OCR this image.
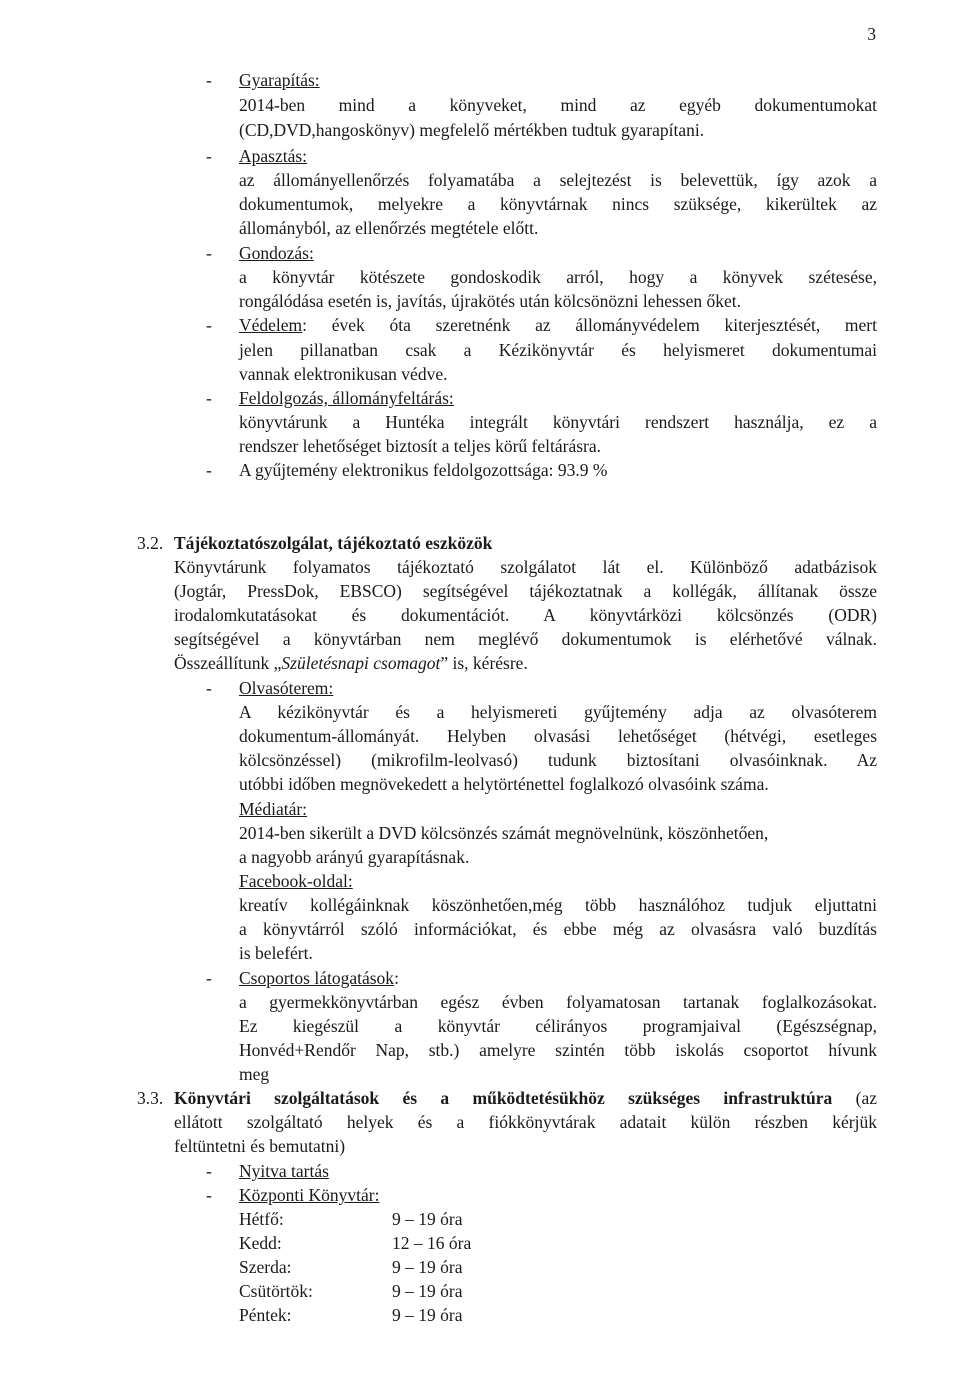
3
- Gyarapítás:
2014-ben mind a könyveket, mind az egyéb dokumentumokat
(CD,DVD,hangoskönyv) megfelelő mértékben tudtuk gyarapítani.
- Apasztás:
az állományellenőrzés folyamatába a selejtezést is belevettük, így azok a
dokumentumok, melyekre a könyvtárnak nincs szüksége, kikerültek az
állományból, az ellenőrzés megtétele előtt.
- Gondozás:
a könyvtár kötészete gondoskodik arról, hogy a könyvek szétesése,
rongálódása esetén is, javítás, újrakötés után kölcsönözni lehessen őket.
- Védelem: évek óta szeretnénk az állományvédelem kiterjesztését, mert
jelen pillanatban csak a Kézikönyvtár és helyismeret dokumentumai
vannak elektronikusan védve.
- Feldolgozás, állományfeltárás:
könyvtárunk a Huntéka integrált könyvtári rendszert használja, ez a
rendszer lehetőséget biztosít a teljes körű feltárásra.
- A gyűjtemény elektronikus feldolgozottsága: 93.9 %
3.2. Tájékoztatószolgálat, tájékoztató eszközök
Könyvtárunk folyamatos tájékoztató szolgálatot lát el. Különböző adatbázisok
(Jogtár, PressDok, EBSCO) segítségével tájékoztatnak a kollégák, állítanak össze
irodalomkutatásokat és dokumentációt. A könyvtárközi kölcsönzés (ODR)
segítségével a könyvtárban nem meglévő dokumentumok is elérhetővé válnak.
Összeállítunk „Születésnapi csomagot” is, kérésre.
- Olvasóterem:
A kézikönyvtár és a helyismereti gyűjtemény adja az olvasóterem
dokumentum-állományát. Helyben olvasási lehetőséget (hétvégi, esetleges
kölcsönzéssel) (mikrofilm-leolvasó) tudunk biztosítani olvasóinknak. Az
utóbbi időben megnövekedett a helytörténettel foglalkozó olvasóink száma.
Médiatár:
2014-ben sikerült a DVD kölcsönzés számát megnövelnünk, köszönhetően,
a nagyobb arányú gyarapításnak.
Facebook-oldal:
kreatív kollégáinknak köszönhetően,még több használóhoz tudjuk eljuttatni
a könyvtárról szóló információkat, és ebbe még az olvasásra való buzdítás
is belefért.
- Csoportos látogatások:
a gyermekkönyvtárban egész évben folyamatosan tartanak foglalkozásokat.
Ez kiegészül a könyvtár célirányos programjaival (Egészségnap,
Honvéd+Rendőr Nap, stb.) amelyre szintén több iskolás csoportot hívunk
meg
3.3. Könyvtári szolgáltatások és a működtetésükhöz szükséges infrastruktúra (az
ellátott szolgáltató helyek és a fiókkönyvtárak adatait külön részben kérjük
feltüntetni és bemutatni)
- Nyitva tartás
- Központi Könyvtár:
Hétfő:	9 – 19 óra
Kedd:	12 – 16 óra
Szerda:	9 – 19 óra
Csütörtök:	9 – 19 óra
Péntek:	9 – 19 óra
